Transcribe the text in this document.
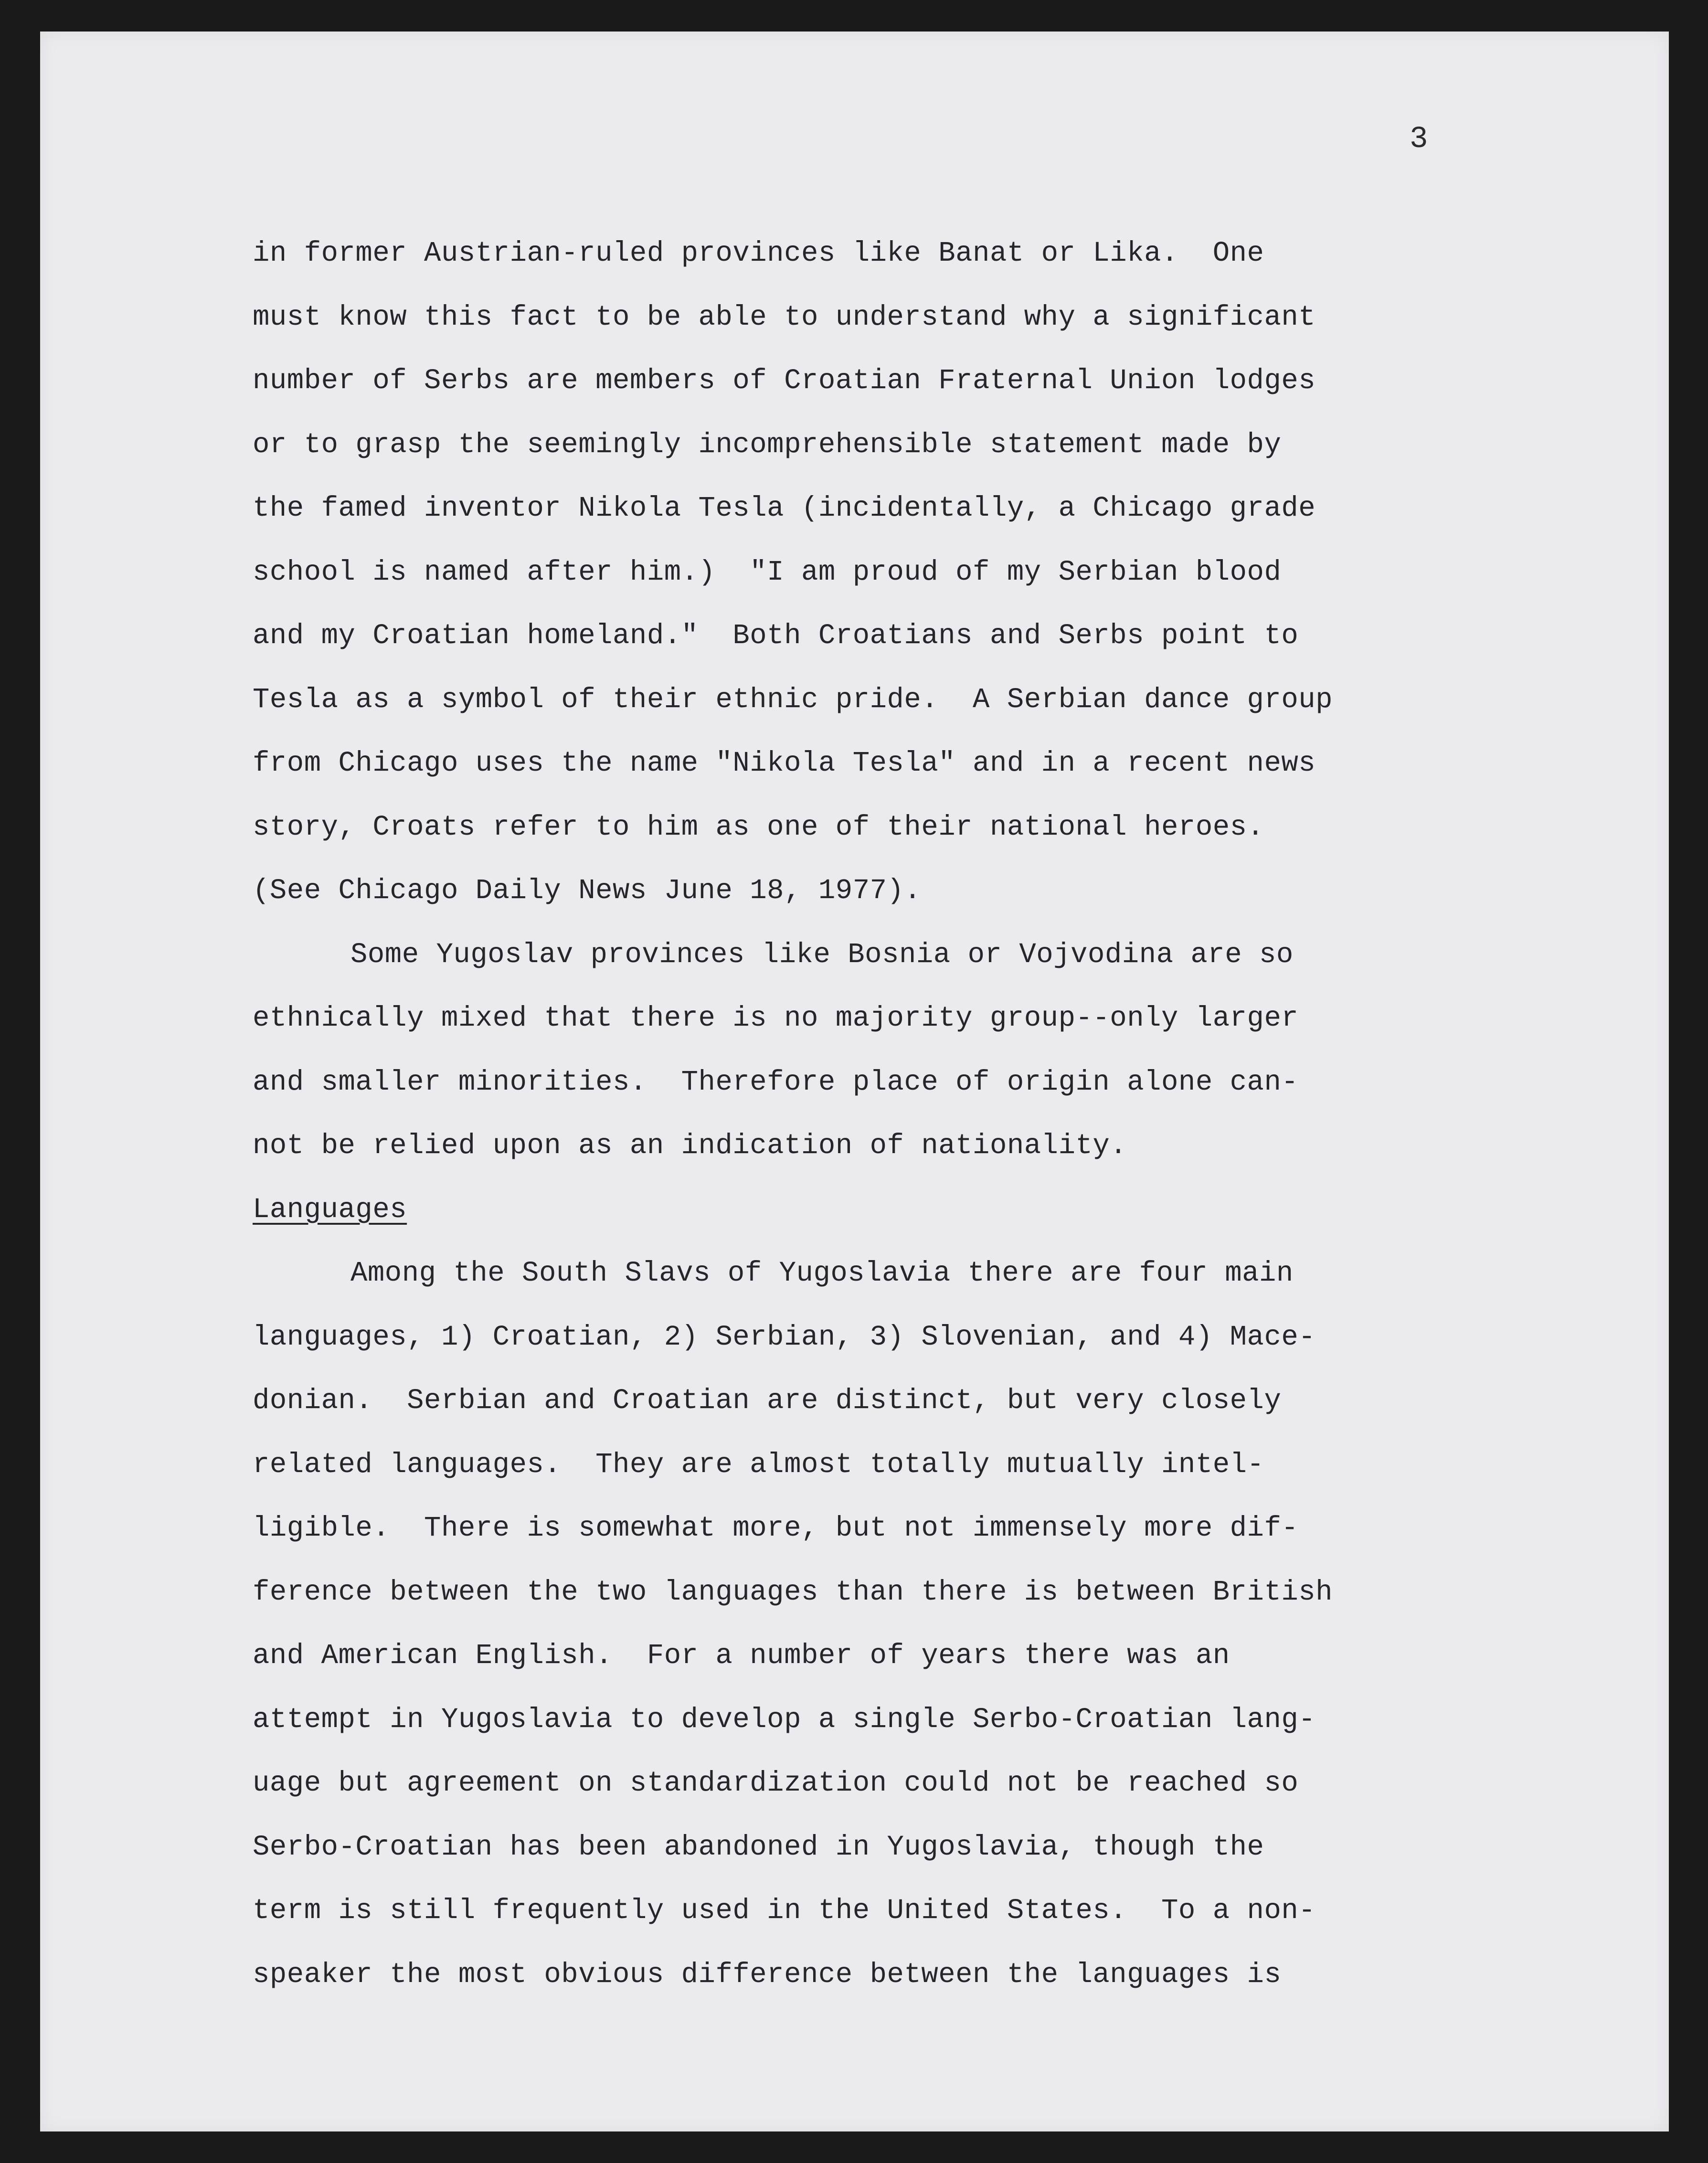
3
in former Austrian-ruled provinces like Banat or Lika.  One
must know this fact to be able to understand why a significant
number of Serbs are members of Croatian Fraternal Union lodges
or to grasp the seemingly incomprehensible statement made by
the famed inventor Nikola Tesla (incidentally, a Chicago grade
school is named after him.)  "I am proud of my Serbian blood
and my Croatian homeland."  Both Croatians and Serbs point to
Tesla as a symbol of their ethnic pride.  A Serbian dance group
from Chicago uses the name "Nikola Tesla" and in a recent news
story, Croats refer to him as one of their national heroes.
(See Chicago Daily News June 18, 1977).
Some Yugoslav provinces like Bosnia or Vojvodina are so
ethnically mixed that there is no majority group--only larger
and smaller minorities.  Therefore place of origin alone can-
not be relied upon as an indication of nationality.
Languages
Among the South Slavs of Yugoslavia there are four main
languages, 1) Croatian, 2) Serbian, 3) Slovenian, and 4) Mace-
donian.  Serbian and Croatian are distinct, but very closely
related languages.  They are almost totally mutually intel-
ligible.  There is somewhat more, but not immensely more dif-
ference between the two languages than there is between British
and American English.  For a number of years there was an
attempt in Yugoslavia to develop a single Serbo-Croatian lang-
uage but agreement on standardization could not be reached so
Serbo-Croatian has been abandoned in Yugoslavia, though the
term is still frequently used in the United States.  To a non-
speaker the most obvious difference between the languages is
